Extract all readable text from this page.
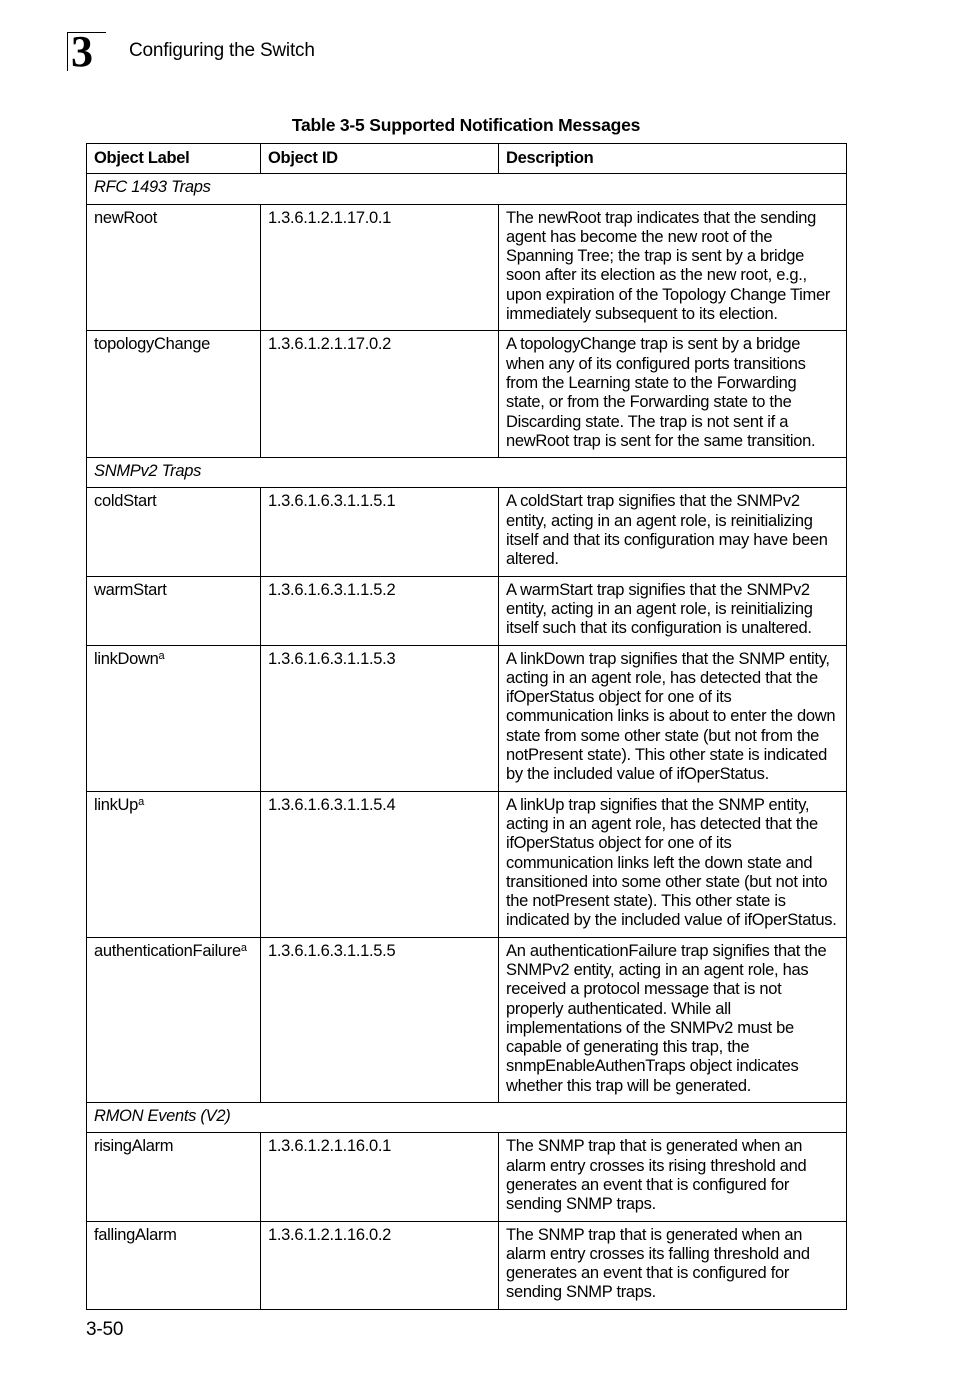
3 Configuring the Switch
Table 3-5 Supported Notification Messages
Object Label	Object ID	Description
RFC 1493 Traps		
newRoot	1.3.6.1.2.1.17.0.1	The newRoot trap indicates that the sending agent has become the new root of the Spanning Tree; the trap is sent by a bridge soon after its election as the new root, e.g., upon expiration of the Topology Change Timer immediately subsequent to its election.
topologyChange	1.3.6.1.2.1.17.0.2	A topologyChange trap is sent by a bridge when any of its configured ports transitions from the Learning state to the Forwarding state, or from the Forwarding state to the Discarding state. The trap is not sent if a newRoot trap is sent for the same transition.
SNMPv2 Traps		
coldStart	1.3.6.1.6.3.1.1.5.1	A coldStart trap signifies that the SNMPv2 entity, acting in an agent role, is reinitializing itself and that its configuration may have been altered.
warmStart	1.3.6.1.6.3.1.1.5.2	A warmStart trap signifies that the SNMPv2 entity, acting in an agent role, is reinitializing itself such that its configuration is unaltered.
linkDown$^a$	1.3.6.1.6.3.1.1.5.3	A linkDown trap signifies that the SNMP entity, acting in an agent role, has detected that the ifOperStatus object for one of its communication links is about to enter the down state from some other state (but not from the notPresent state). This other state is indicated by the included value of ifOperStatus.
linkUp$^a$	1.3.6.1.6.3.1.1.5.4	A linkUp trap signifies that the SNMP entity, acting in an agent role, has detected that the ifOperStatus object for one of its communication links left the down state and transitioned into some other state (but not into the notPresent state). This other state is indicated by the included value of ifOperStatus.
authenticationFailure$^a$	1.3.6.1.6.3.1.1.5.5	An authenticationFailure trap signifies that the SNMPv2 entity, acting in an agent role, has received a protocol message that is not properly authenticated. While all implementations of the SNMPv2 must be capable of generating this trap, the snmpEnableAuthenTraps object indicates whether this trap will be generated.
RMON Events (V2)		
risingAlarm	1.3.6.1.2.1.16.0.1	The SNMP trap that is generated when an alarm entry crosses its rising threshold and generates an event that is configured for sending SNMP traps.
fallingAlarm	1.3.6.1.2.1.16.0.2	The SNMP trap that is generated when an alarm entry crosses its falling threshold and generates an event that is configured for sending SNMP traps.
3-50
